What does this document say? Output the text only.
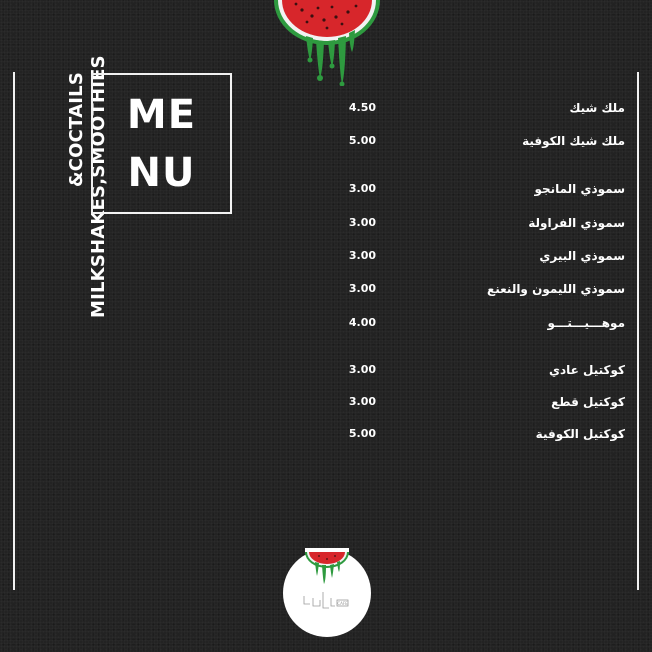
MILKSHAKES,SMOOTHIES
&COCTAILS ME
NU
ملك شيك
4.50
ملك شيك الكوفية
5.00
سموذي المانجو
3.00
سموذي الفراولة
3.00
سموذي البيري
3.00
سموذي الليمون والنعنع
3.00
موهـــيـــتـــو
4.00
كوكتيل عادي
3.00
كوكتيل قطع
3.00
كوكتيل الكوفية
5.00
CAFE
